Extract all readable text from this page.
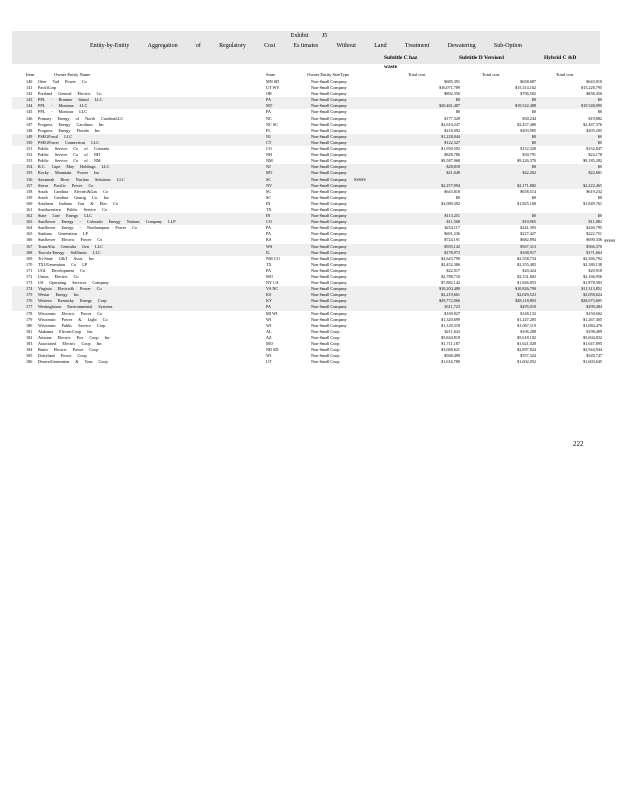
Exhibit J5
Entity-by-Entity	Aggregation	of	Regulatory	Cost	Es timates	Without	Land	Treatment	Dewatering	Sub-Option
Subtitle C haz
waste
Subtitle D Version1	Hybrid C &D
Item	Owner Entity Name	State	Owner Entity SizeType	Total cost	Total cost	Total cost
140 Otter Tail Power Co	MN SD	Non-Small Company	$685,391	$658,687	$643,910
141 PacifiCorp	UT WY	Non-Small Company	$16,071,789	$15,314,162	$15,228,795
142 Portland General Electric Co	OR	Non-Small Company	$892,356	$796,502	$838,456
143 PPL - Brunner Island LLC	PA	Non-Small Company	$0	$0	$0
144 PPL - Montana LLC	MT	Non-Small Company	$20,461,487	$19,522,488	$19,548,090
145 PPL - Montour LLC	PA	Non-Small Company	$0	$0	$0
146 Primary Energy of North CarolinaLLC	NC	Non-Small Company	$177,328	$30,244	$19,882
147 Progress Energy Carolinas Inc	NC SC	Non-Small Company	$2,610,247	$2,457,480	$2,467,376
148 Progress Energy Florida Inc	FL	Non-Small Company	$218,092	$203,905	$205,205
149 PSEGFossil LLC	NJ	Non-Small Company	$1,228,044	$0	$0
150 PSEGPower Connecticut LLC	CT	Non-Small Company	$122,327	$0	$0
151 Public Service Co of Colorado	CO	Non-Small Company	$1,950,592	$152,320	$152,847
152 Public Service Co of NH	NH	Non-Small Company	$828,786	$30,791	$24,178
153 Public Service Co of NM	NM	Non-Small Company	$9,587,968	$9,226,370	$9,185,282
154 R.C. Cape May Holdings LLC	NJ	Non-Small Company	$28,818	$0	$0
155 Rocky Mountain Power Inc	MT	Non-Small Company	$21,649	$22,262	$22,601
156 Savannah River Nuclear Solutions LLC	SC	Non-Small Company SSSSS
157 Sierra Pacific Power Co	NV	Non-Small Company	$2,257,994	$2,171,882	$2,222,465
158 South Carolina Electric&Gas Co	SC	Non-Small Company	$643,818	$658,514	$619,232
159 South Carolina Genrtg Co, Inc	SC	Non-Small Company	$0	$0	$0
160 Southern Indiana Gas & Elec Co	IN	Non-Small Company	$2,089,392	$1,825,168	$1,849,761
161 Southwestern Public Service Co	TX	Non-Small Company
162 State Line Energy LLC	IN	Non-Small Company	$113,251	$0	$0
163 Sunflower Energy - Colorado Energy Nations Company LLP	CO	Non-Small Company	$11,568	$10,965	$11,082
164 Sunflower Energy - Northampton Power Co	PA	Non-Small Company	$254,117	$241,393	$246,795
165 Sunbury Generation LP	PA	Non-Small Company	$691,236	$227,427	$222,751
166 Sunflower Electric Power Co	KS	Non-Small Company	$724,191	$682,894	$690,336
167 TransAlta Centralia Gen LLC	WA	Non-Small Company	$593,142	$567,313	$566,378
168 Tuscola-Energy SoIllinois LLC	IL	Non-Small Company	$178,973	$168,917	$171,664
169 Tri-State G&T Assn, Inc	NM CO	Non-Small Company	$2,643,790	$2,558,734	$2,566,792
170 TXUGeneration Co LP	TX	Non-Small Company	$2,452,386	$2,355,485	$2,380,138
171 UGI Development Co	PA	Non-Small Company	$22,017	$20,424	$20,918
172 Union Electric Co	MO	Non-Small Company	$2,788,710	$2,131,802	$2,166,956
173 US Operating Services Company	NY CA	Non-Small Company	$7,882,142	$1,846,853	$1,878,583
174 Virginia Electric& Power Co	VA NC	Non-Small Company	$10,203,480	$10,826,790	$11,313,852
175 Westar Energy Inc	KS	Non-Small Company	$2,219,661	$2,029,523	$2,058,624
176 Western Kentucky Energy Corp	KY	Non-Small Company	$29,772,066	$28,118,803	$28,673,605
177 Westinghouse Environmental Systems	PA	Non-Small Company	$311,723	$295,010	$299,484
178 Wisconsin Electric Power Co	MI WI	Non-Small Company	$169,927	$148,132	$150,602
179 Wisconsin Power & Light Co	WI	Non-Small Company	$1,320,699	$1,247,283	$1,267,365
180 Wisconsin Public Service Corp	WI	Non-Small Company	$1,120,318	$1,067,119	$1,084,476
181 Alabama ElectricCoop Inc	AL	Non-Small Coop	$211,643	$196,288	$198,409
182 Arizona Electric Pwr Coop Inc	AZ	Non-Small Coop	$5,844,819	$5,618,182	$5,604,832
183 Associated Electric Coop Inc	MO	Non-Small Coop	$1,711,187	$1,621,028	$1,647,895
184 Basin Electric Power Coop	ND SD	Non-Small Coop	$3,068,621	$2,897,824	$2,944,944
185 Dairyland Power Coop	WI	Non-Small Coop	$568,489	$557,324	$540,747
186 DeseretGeneration & Tran Coop	UT	Non-Small Coop	$1,616,780	$1,602,052	$1,603,645
SSSSS
222
